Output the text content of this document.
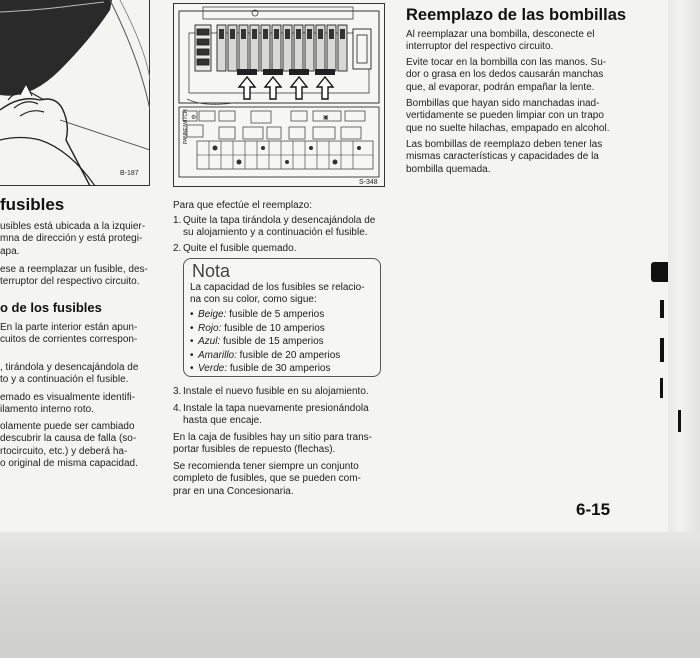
B-187
fusibles
usibles está ubicada a la izquier-
mna de dirección y está protegi-
apa.
ese a reemplazar un fusible, des-
terruptor del respectivo circuito.
o de los fusibles
En la parte interior están apun-
cuitos de corrientes correspon-
, tirándola y desencajándola de
to y a continuación el fusible.
emado es visualmente identifi-
ilamento interno roto.
olamente puede ser cambiado
descubrir la causa de falla (so-
rtocircuito, etc.) y deberá ha-
o original de misma capacidad.
⚙	▣
PANNE/WITCH
S-348
Para que efectúe el reemplazo:
1. Quite la tapa tirándola y desencajándola de
su alojamiento y a continuación el fusible.
2. Quite el fusible quemado.
Nota
La capacidad de los fusibles se relacio-
na con su color, como sigue:
• Beige: fusible de 5 amperios
• Rojo: fusible de 10 amperios
• Azul: fusible de 15 amperios
• Amarillo: fusible de 20 amperios
• Verde: fusible de 30 amperios
3. Instale el nuevo fusible en su alojamiento.
4. Instale la tapa nuevamente presionándola
hasta que encaje.
En la caja de fusibles hay un sitio para trans-
portar fusibles de repuesto (flechas).
Se recomienda tener siempre un conjunto
completo de fusibles, que se pueden com-
prar en una Concesionaria.
Reemplazo de las bombillas
Al reemplazar una bombilla, desconecte el
interruptor del respectivo circuito.
Evite tocar en la bombilla con las manos. Su-
dor o grasa en los dedos causarán manchas
que, al evaporar, podrán empañar la lente.
Bombillas que hayan sido manchadas inad-
vertidamente se pueden limpiar con un trapo
que no suelte hilachas, empapado en alcohol.
Las bombillas de reemplazo deben tener las
mismas características y capacidades de la
bombilla quemada.
6-15
